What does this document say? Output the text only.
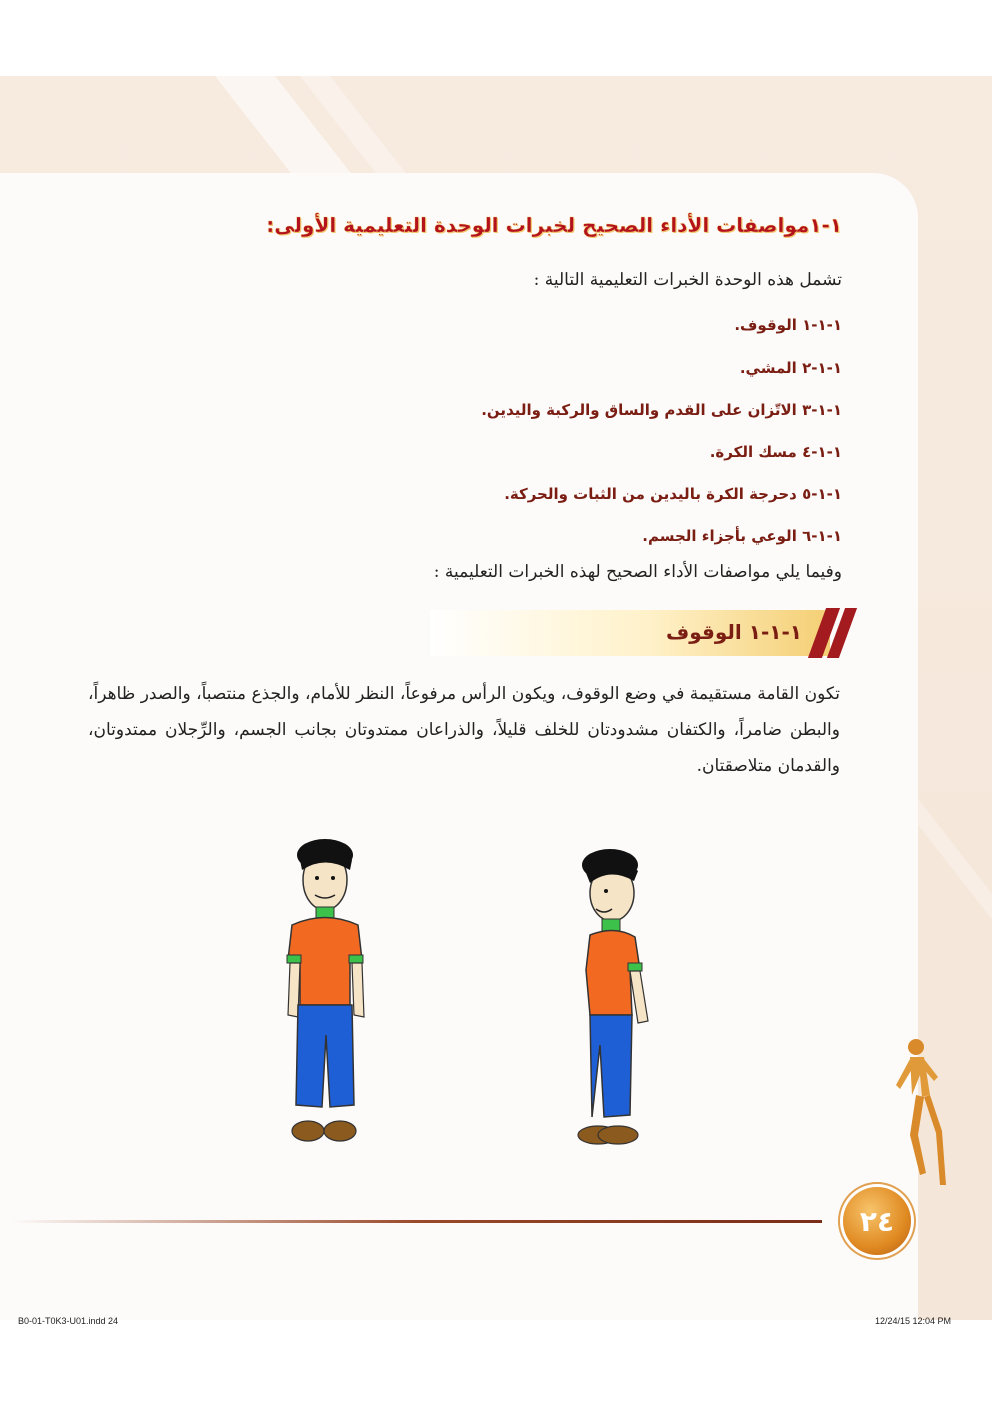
١-١مواصفات الأداء الصحيح لخبرات الوحدة التعليمية الأولى:
تشمل هذه الوحدة الخبرات التعليمية التالية :
١-١-١ الوقوف.
١-١-٢ المشي.
١-١-٣ الاتّزان على القدم والساق والركبة واليدين.
١-١-٤ مسك الكرة.
١-١-٥ دحرجة الكرة باليدين من الثبات والحركة.
١-١-٦ الوعي بأجزاء الجسم.
وفيما يلي مواصفات الأداء الصحيح لهذه الخبرات التعليمية :
١-١-١ الوقوف
تكون القامة مستقيمة في وضع الوقوف، ويكون الرأس مرفوعاً، النظر للأمام، والجذع منتصباً، والصدر ظاهراً، والبطن ضامراً، والكتفان مشدودتان للخلف قليلاً، والذراعان ممتدوتان بجانب الجسم، والرِّجلان ممتدوتان، والقدمان متلاصقتان.
٢٤
B0-01-T0K3-U01.indd 24	12/24/15 12:04 PM
